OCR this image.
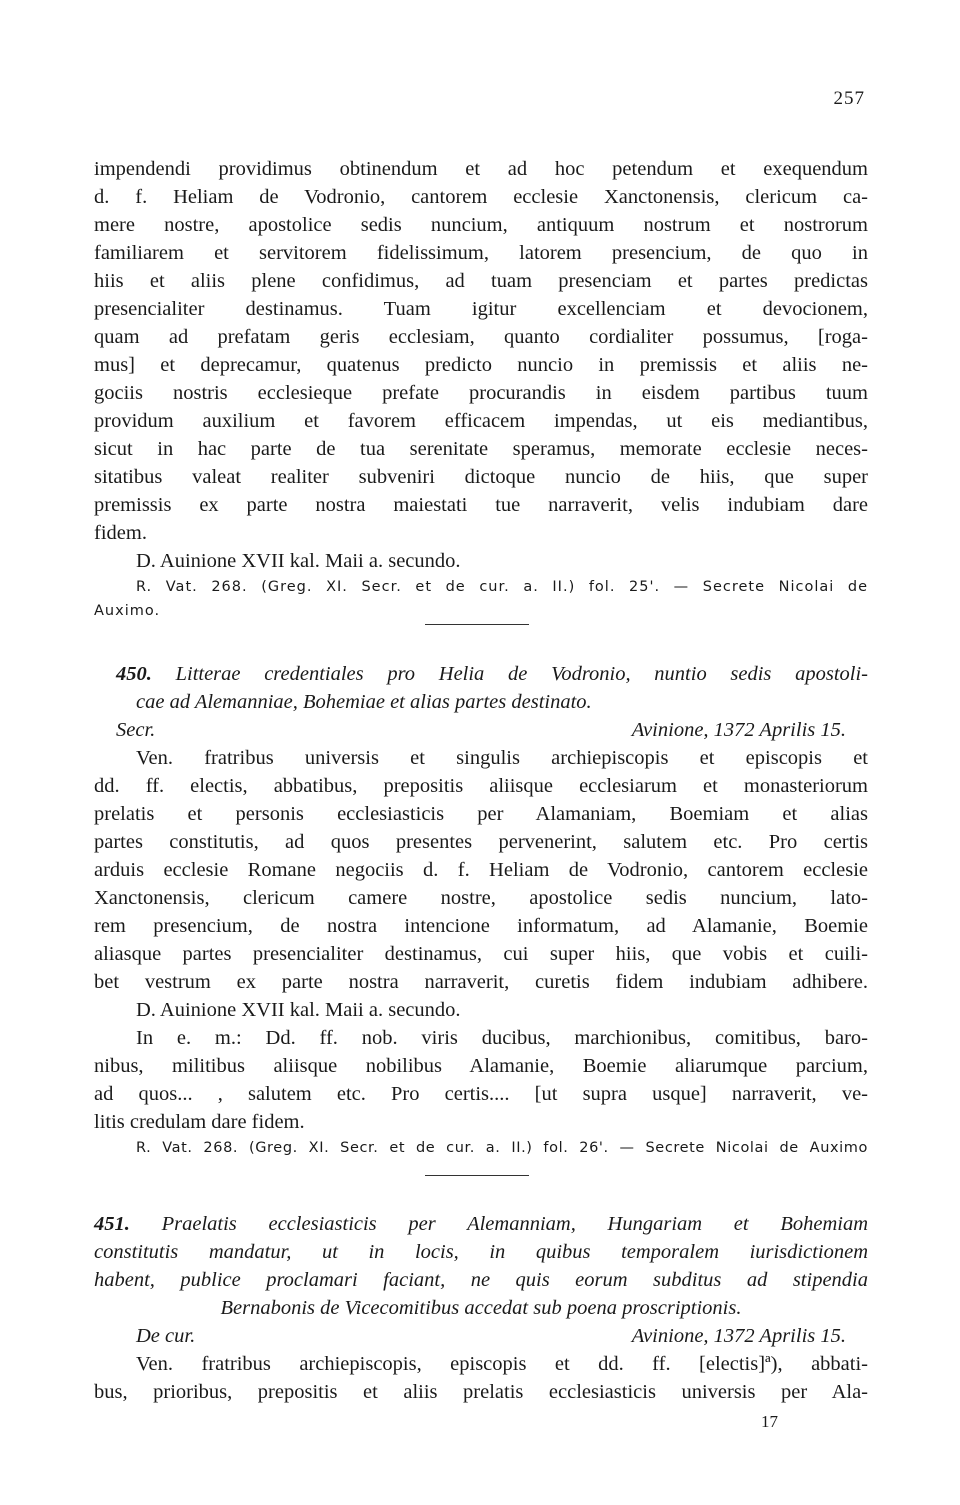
257
impendendi providimus obtinendum et ad hoc petendum et exequendum
d. f. Heliam de Vodronio, cantorem ecclesie Xanctonensis, clericum ca-
mere nostre, apostolice sedis nuncium, antiquum nostrum et nostrorum
familiarem et servitorem fidelissimum, latorem presencium, de quo in
hiis et aliis plene confidimus, ad tuam presenciam et partes predictas
presencialiter destinamus. Tuam igitur excellenciam et devocionem,
quam ad prefatam geris ecclesiam, quanto cordialiter possumus, [roga-
mus] et deprecamur, quatenus predicto nuncio in premissis et aliis ne-
gociis nostris ecclesieque prefate procurandis in eisdem partibus tuum
providum auxilium et favorem efficacem impendas, ut eis mediantibus,
sicut in hac parte de tua serenitate speramus, memorate ecclesie neces-
sitatibus valeat realiter subveniri dictoque nuncio de hiis, que super
premissis ex parte nostra maiestati tue narraverit, velis indubiam dare
fidem.
D. Auinione XVII kal. Maii a. secundo.
R. Vat. 268. (Greg. XI. Secr. et de cur. a. II.) fol. 25'. — Secrete Nicolai de
Auximo.
450. Litterae credentiales pro Helia de Vodronio, nuntio sedis apostoli-
cae ad Alemanniae, Bohemiae et alias partes destinato.
Secr.	Avinione, 1372 Aprilis 15.
Ven. fratribus universis et singulis archiepiscopis et episcopis et
dd. ff. electis, abbatibus, prepositis aliisque ecclesiarum et monasteriorum
prelatis et personis ecclesiasticis per Alamaniam, Boemiam et alias
partes constitutis, ad quos presentes pervenerint, salutem etc. Pro certis
arduis ecclesie Romane negociis d. f. Heliam de Vodronio, cantorem ecclesie
Xanctonensis, clericum camere nostre, apostolice sedis nuncium, lato-
rem presencium, de nostra intencione informatum, ad Alamanie, Boemie
aliasque partes presencialiter destinamus, cui super hiis, que vobis et cuili-
bet vestrum ex parte nostra narraverit, curetis fidem indubiam adhibere.
D. Auinione XVII kal. Maii a. secundo.
In e. m.: Dd. ff. nob. viris ducibus, marchionibus, comitibus, baro-
nibus, militibus aliisque nobilibus Alamanie, Boemie aliarumque parcium,
ad quos... , salutem etc. Pro certis.... [ut supra usque] narraverit, ve-
litis credulam dare fidem.
R. Vat. 268. (Greg. XI. Secr. et de cur. a. II.) fol. 26'. — Secrete Nicolai de Auximo
451. Praelatis ecclesiasticis per Alemanniam, Hungariam et Bohemiam
constitutis mandatur, ut in locis, in quibus temporalem iurisdictionem
habent, publice proclamari faciant, ne quis eorum subditus ad stipendia
Bernabonis de Vicecomitibus accedat sub poena proscriptionis.
De cur.	Avinione, 1372 Aprilis 15.
Ven. fratribus archiepiscopis, episcopis et dd. ff. [electis]ª), abbati-
bus, prioribus, prepositis et aliis prelatis ecclesiasticis universis per Ala-
17
